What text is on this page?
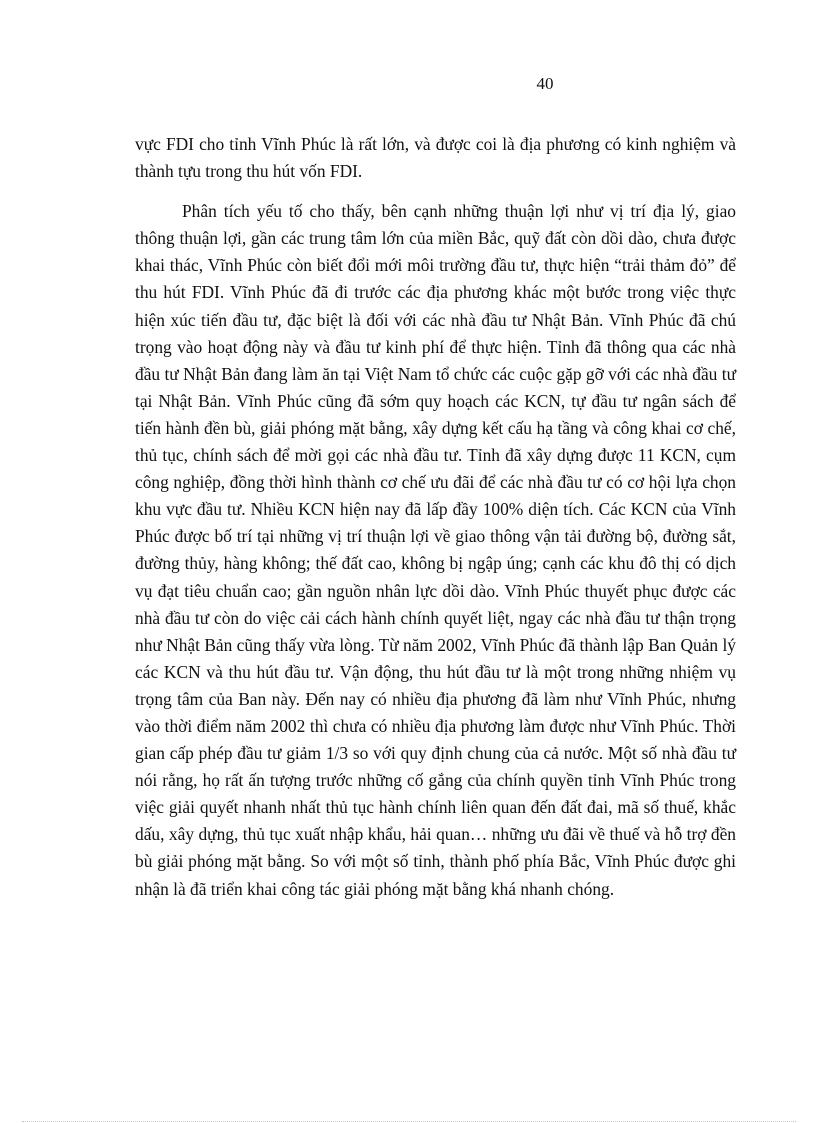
40

vực FDI cho tỉnh Vĩnh Phúc là rất lớn, và được coi là địa phương có kinh nghiệm và thành tựu trong thu hút vốn FDI.

Phân tích yếu tố cho thấy, bên cạnh những thuận lợi như vị trí địa lý, giao thông thuận lợi, gần các trung tâm lớn của miền Bắc, quỹ đất còn dồi dào, chưa được khai thác, Vĩnh Phúc còn biết đổi mới môi trường đầu tư, thực hiện “trải thảm đỏ” để thu hút FDI. Vĩnh Phúc đã đi trước các địa phương khác một bước trong việc thực hiện xúc tiến đầu tư, đặc biệt là đối với các nhà đầu tư Nhật Bản. Vĩnh Phúc đã chú trọng vào hoạt động này và đầu tư kinh phí để thực hiện. Tỉnh đã thông qua các nhà đầu tư Nhật Bản đang làm ăn tại Việt Nam tổ chức các cuộc gặp gỡ với các nhà đầu tư tại Nhật Bản. Vĩnh Phúc cũng đã sớm quy hoạch các KCN, tự đầu tư ngân sách để tiến hành đền bù, giải phóng mặt bằng, xây dựng kết cấu hạ tầng và công khai cơ chế, thủ tục, chính sách để mời gọi các nhà đầu tư. Tỉnh đã xây dựng được 11 KCN, cụm công nghiệp, đồng thời hình thành cơ chế ưu đãi để các nhà đầu tư có cơ hội lựa chọn khu vực đầu tư. Nhiều KCN hiện nay đã lấp đầy 100% diện tích. Các KCN của Vĩnh Phúc được bố trí tại những vị trí thuận lợi về giao thông vận tải đường bộ, đường sắt, đường thủy, hàng không; thế đất cao, không bị ngập úng; cạnh các khu đô thị có dịch vụ đạt tiêu chuẩn cao; gần nguồn nhân lực dồi dào. Vĩnh Phúc thuyết phục được các nhà đầu tư còn do việc cải cách hành chính quyết liệt, ngay các nhà đầu tư thận trọng như Nhật Bản cũng thấy vừa lòng. Từ năm 2002, Vĩnh Phúc đã thành lập Ban Quản lý các KCN và thu hút đầu tư. Vận động, thu hút đầu tư là một trong những nhiệm vụ trọng tâm của Ban này. Đến nay có nhiều địa phương đã làm như Vĩnh Phúc, nhưng vào thời điểm năm 2002 thì chưa có nhiều địa phương làm được như Vĩnh Phúc. Thời gian cấp phép đầu tư giảm 1/3 so với quy định chung của cả nước. Một số nhà đầu tư nói rằng, họ rất ấn tượng trước những cố gắng của chính quyền tỉnh Vĩnh Phúc trong việc giải quyết nhanh nhất thủ tục hành chính liên quan đến đất đai, mã số thuế, khắc dấu, xây dựng, thủ tục xuất nhập khẩu, hải quan… những ưu đãi về thuế và hỗ trợ đền bù giải phóng mặt bằng. So với một số tỉnh, thành phố phía Bắc, Vĩnh Phúc được ghi nhận là đã triển khai công tác giải phóng mặt bằng khá nhanh chóng.
